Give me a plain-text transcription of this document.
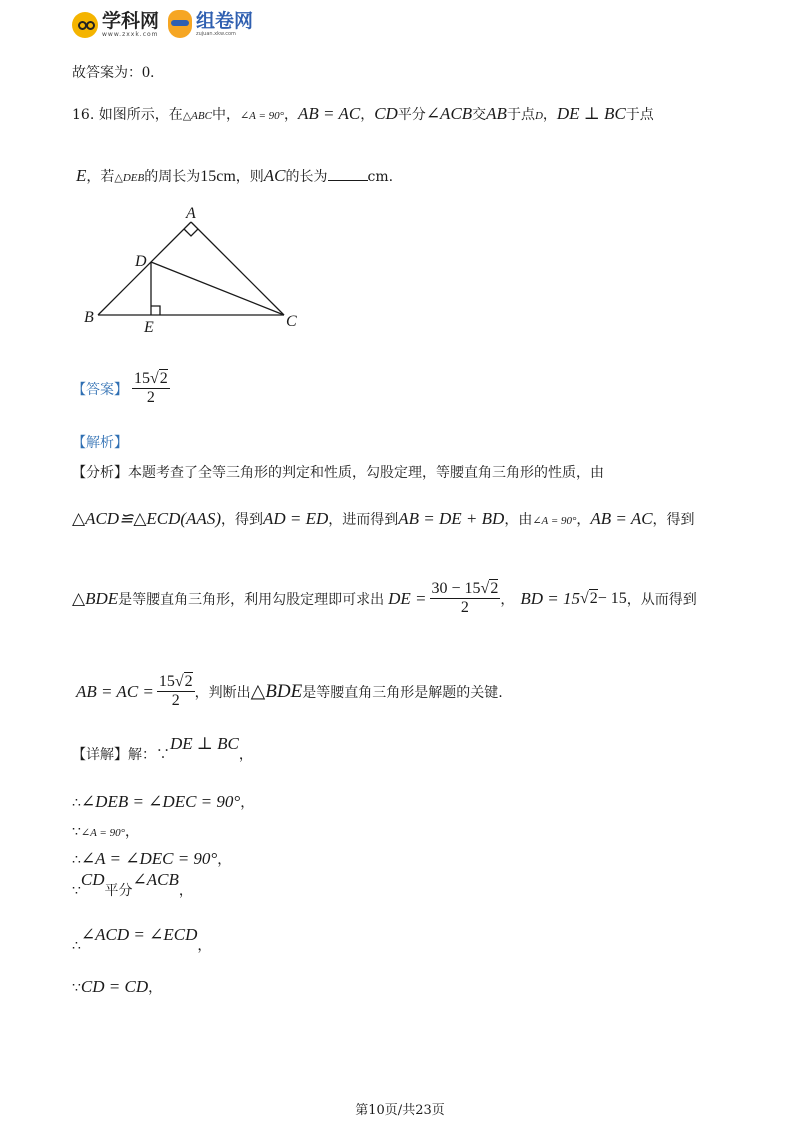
学科网
www.zxxk.com
组卷网
zujuan.xkw.com
故答案为：0.
16. 如图所示，在△ABC中，∠A = 90°，AB = AC，CD平分∠ACB交AB于点D，DE ⊥ BC于点
E，若△DEB的周长为15cm，则AC的长为	cm.
A
B	C
D
E
【答案】 $\frac{15√2}{2}$
【解析】
【分析】本题考查了全等三角形的判定和性质，勾股定理，等腰直角三角形的性质，由
△ACD≌△ECD(AAS)，得到AD = ED，进而得到AB = DE + BD，由∠A = 90°，AB = AC，得到
△BDE 是等腰直角三角形，利用勾股定理即可求出 DE = $\frac{30 - 15√2}{2}$ ， BD = 15 √ 2 − 15 ，从而得到
AB = AC = $\frac{15√2}{2}$ ，判断出 △BDE 是等腰直角三角形是解题的关键.
【详解】解：∵DE ⊥ BC，
∴∠DEB = ∠DEC = 90°，
∵∠A = 90°，
∴∠A = ∠DEC = 90°，
∵CD平分∠ACB，
∴∠ACD = ∠ECD，
∵CD = CD，
第10页/共23页
